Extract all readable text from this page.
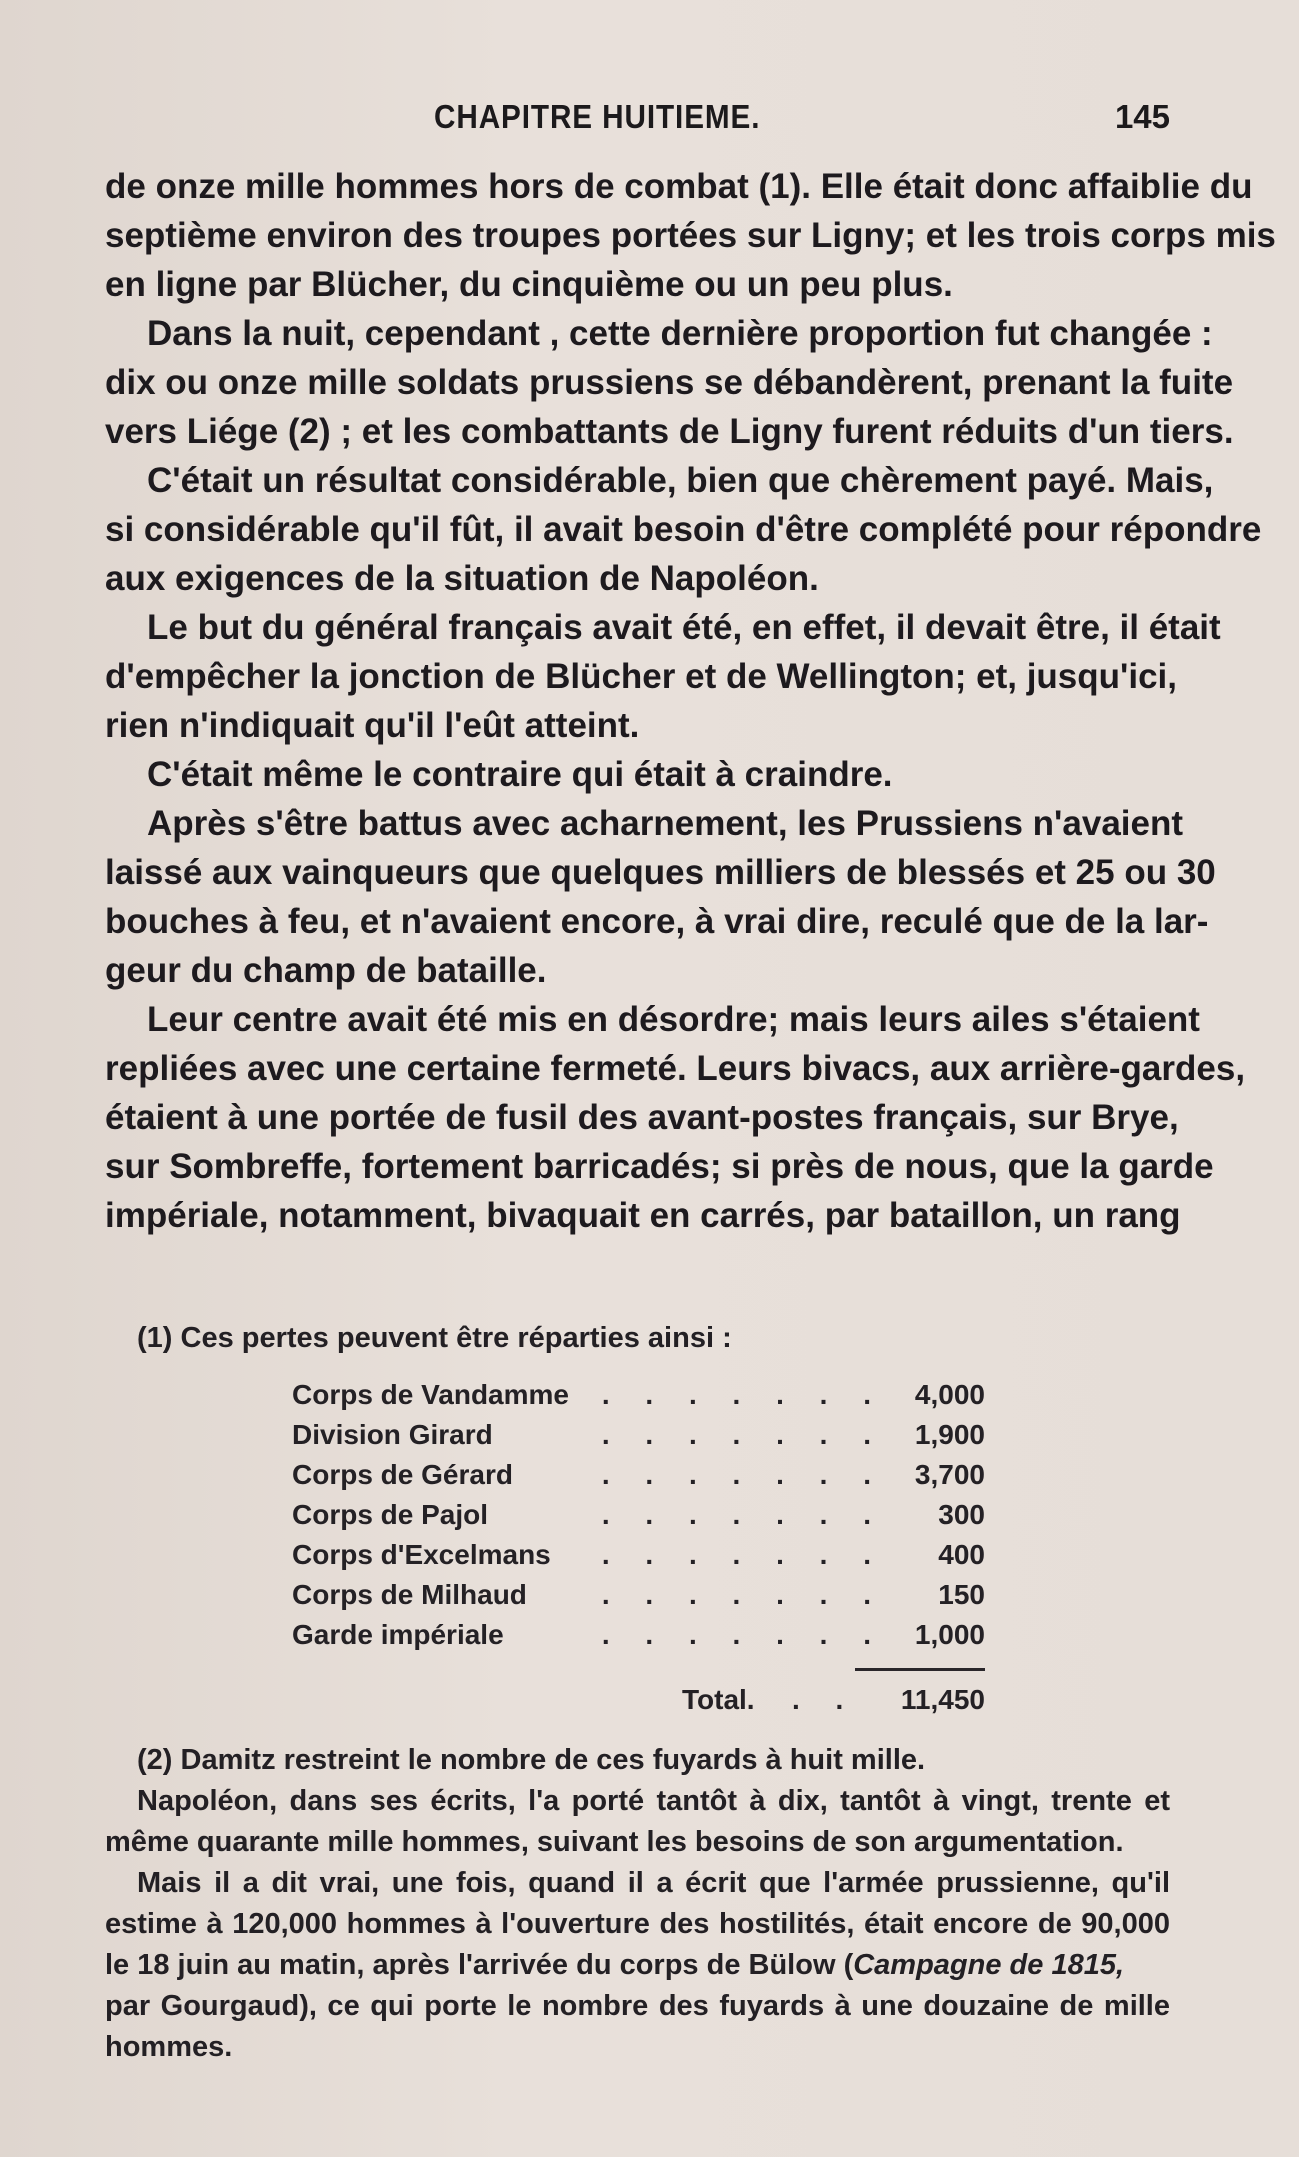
CHAPITRE HUITIEME.	145
de onze mille hommes hors de combat (1). Elle était donc affaiblie du
septième environ des troupes portées sur Ligny; et les trois corps mis
en ligne par Blücher, du cinquième ou un peu plus.
Dans la nuit, cependant , cette dernière proportion fut changée :
dix ou onze mille soldats prussiens se débandèrent, prenant la fuite
vers Liége (2) ; et les combattants de Ligny furent réduits d'un tiers.
C'était un résultat considérable, bien que chèrement payé. Mais,
si considérable qu'il fût, il avait besoin d'être complété pour répondre
aux exigences de la situation de Napoléon.
Le but du général français avait été, en effet, il devait être, il était
d'empêcher la jonction de Blücher et de Wellington; et, jusqu'ici,
rien n'indiquait qu'il l'eût atteint.
C'était même le contraire qui était à craindre.
Après s'être battus avec acharnement, les Prussiens n'avaient
laissé aux vainqueurs que quelques milliers de blessés et 25 ou 30
bouches à feu, et n'avaient encore, à vrai dire, reculé que de la lar-
geur du champ de bataille.
Leur centre avait été mis en désordre; mais leurs ailes s'étaient
repliées avec une certaine fermeté. Leurs bivacs, aux arrière-gardes,
étaient à une portée de fusil des avant-postes français, sur Brye,
sur Sombreffe, fortement barricadés; si près de nous, que la garde
impériale, notamment, bivaquait en carrés, par bataillon, un rang
(1) Ces pertes peuvent être réparties ainsi :
. . . . . . .
Corps de Vandamme	4,000
. . . . . . .
Division Girard	1,900
. . . . . . .
Corps de Gérard	3,700
. . . . . . .
Corps de Pajol	300
. . . . . . .
Corps d'Excelmans	400
. . . . . . .
Corps de Milhaud	150
. . . . . . .
Garde impériale	1,000
Total. . . 11,450
(2) Damitz restreint le nombre de ces fuyards à huit mille.
Napoléon, dans ses écrits, l'a porté tantôt à dix, tantôt à vingt, trente et
même quarante mille hommes, suivant les besoins de son argumentation.
Mais il a dit vrai, une fois, quand il a écrit que l'armée prussienne, qu'il
estime à 120,000 hommes à l'ouverture des hostilités, était encore de 90,000
le 18 juin au matin, après l'arrivée du corps de Bülow (Campagne de 1815,
par Gourgaud), ce qui porte le nombre des fuyards à une douzaine de mille
hommes.
